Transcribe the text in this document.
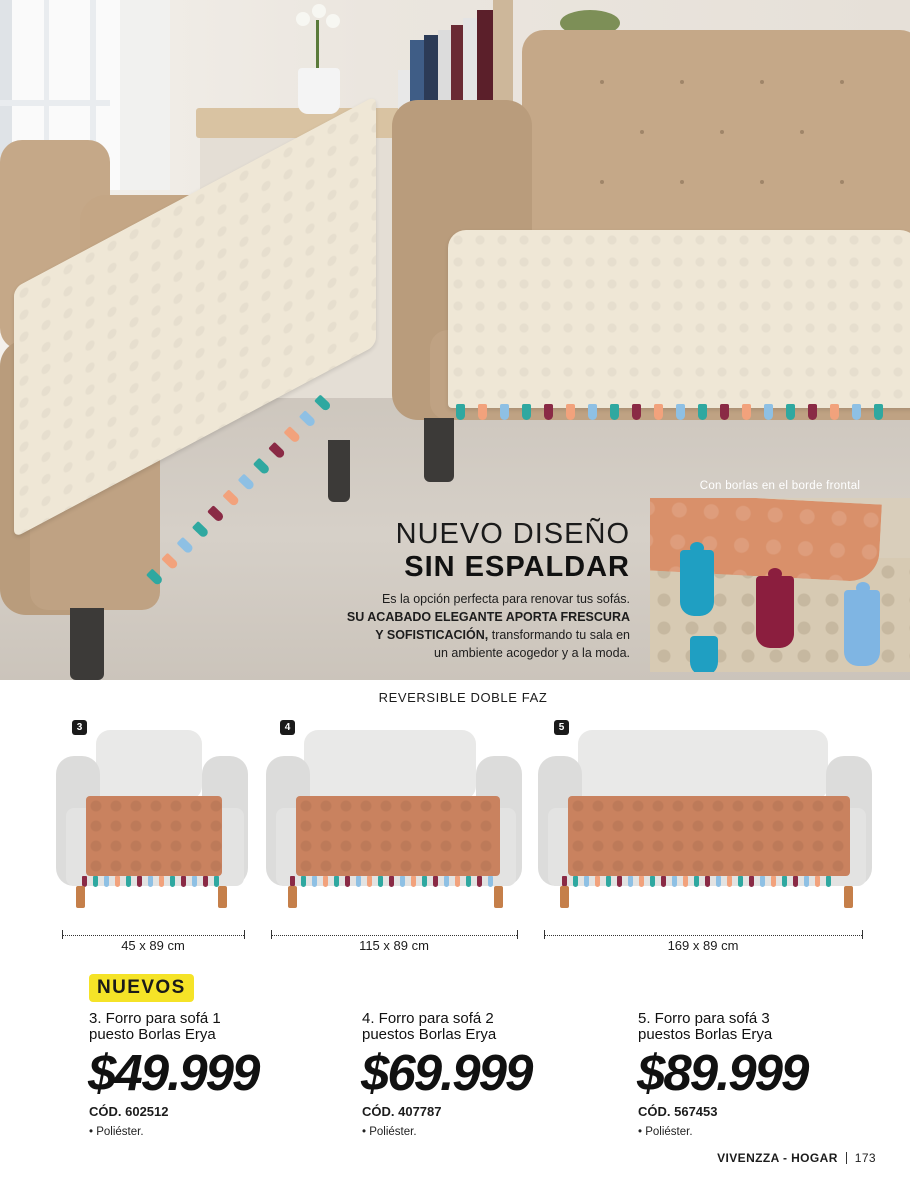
NUEVO DISEÑO
SIN ESPALDAR
Es la opción perfecta para renovar tus sofás.
SU ACABADO ELEGANTE APORTA FRESCURA
Y SOFISTICACIÓN, transformando tu sala en
un ambiente acogedor y a la moda.
Con borlas en el borde frontal
REVERSIBLE DOBLE FAZ
3	4	5
45 x 89 cm	115 x 89 cm	169 x 89 cm
NUEVOS
3. Forro para sofá 1
puesto Borlas Erya
$49.999
CÓD. 602512
• Poliéster.
4. Forro para sofá 2
puestos Borlas Erya
$69.999
CÓD. 407787
• Poliéster.
5. Forro para sofá 3
puestos Borlas Erya
$89.999
CÓD. 567453
• Poliéster.
VIVENZZA - HOGAR 173
